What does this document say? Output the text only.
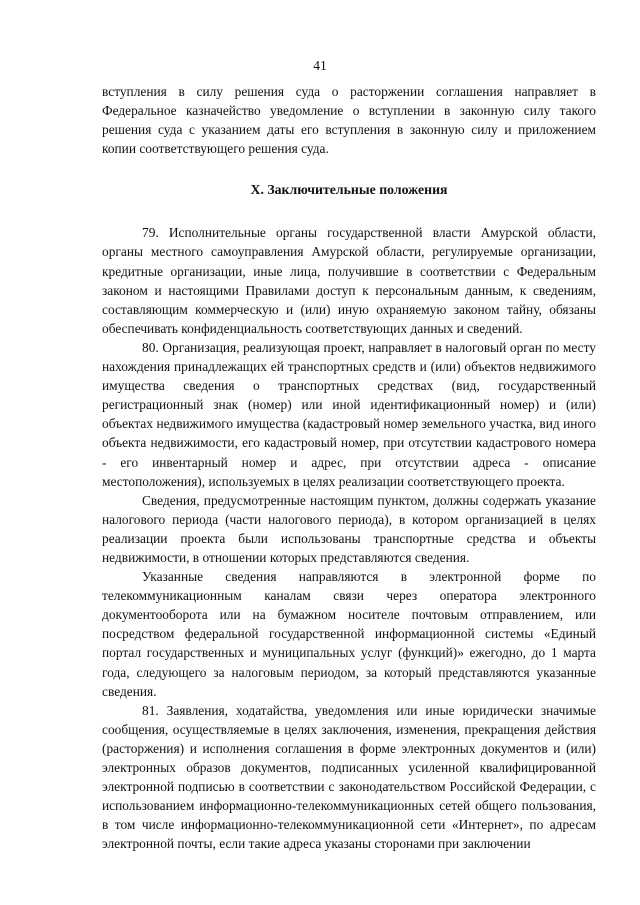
41

вступления в силу решения суда о расторжении соглашения направляет в Федеральное казначейство уведомление о вступлении в законную силу такого решения суда с указанием даты его вступления в законную силу и приложением копии соответствующего решения суда.

X. Заключительные положения

79. Исполнительные органы государственной власти Амурской области, органы местного самоуправления Амурской области, регулируемые организации, кредитные организации, иные лица, получившие в соответствии с Федеральным законом и настоящими Правилами доступ к персональным данным, к сведениям, составляющим коммерческую и (или) иную охраняемую законом тайну, обязаны обеспечивать конфиденциальность соответствующих данных и сведений.

80. Организация, реализующая проект, направляет в налоговый орган по месту нахождения принадлежащих ей транспортных средств и (или) объектов недвижимого имущества сведения о транспортных средствах (вид, государственный регистрационный знак (номер) или иной идентификационный номер) и (или) объектах недвижимого имущества (кадастровый номер земельного участка, вид иного объекта недвижимости, его кадастровый номер, при отсутствии кадастрового номера - его инвентарный номер и адрес, при отсутствии адреса - описание местоположения), используемых в целях реализации соответствующего проекта.

Сведения, предусмотренные настоящим пунктом, должны содержать указание налогового периода (части налогового периода), в котором организацией в целях реализации проекта были использованы транспортные средства и объекты недвижимости, в отношении которых представляются сведения.

Указанные сведения направляются в электронной форме по телекоммуникационным каналам связи через оператора электронного документооборота или на бумажном носителе почтовым отправлением, или посредством федеральной государственной информационной системы «Единый портал государственных и муниципальных услуг (функций)» ежегодно, до 1 марта года, следующего за налоговым периодом, за который представляются указанные сведения.

81. Заявления, ходатайства, уведомления или иные юридически значимые сообщения, осуществляемые в целях заключения, изменения, прекращения действия (расторжения) и исполнения соглашения в форме электронных документов и (или) электронных образов документов, подписанных усиленной квалифицированной электронной подписью в соответствии с законодательством Российской Федерации, с использованием информационно-телекоммуникационных сетей общего пользования, в том числе информационно-телекоммуникационной сети «Интернет», по адресам электронной почты, если такие адреса указаны сторонами при заключении
